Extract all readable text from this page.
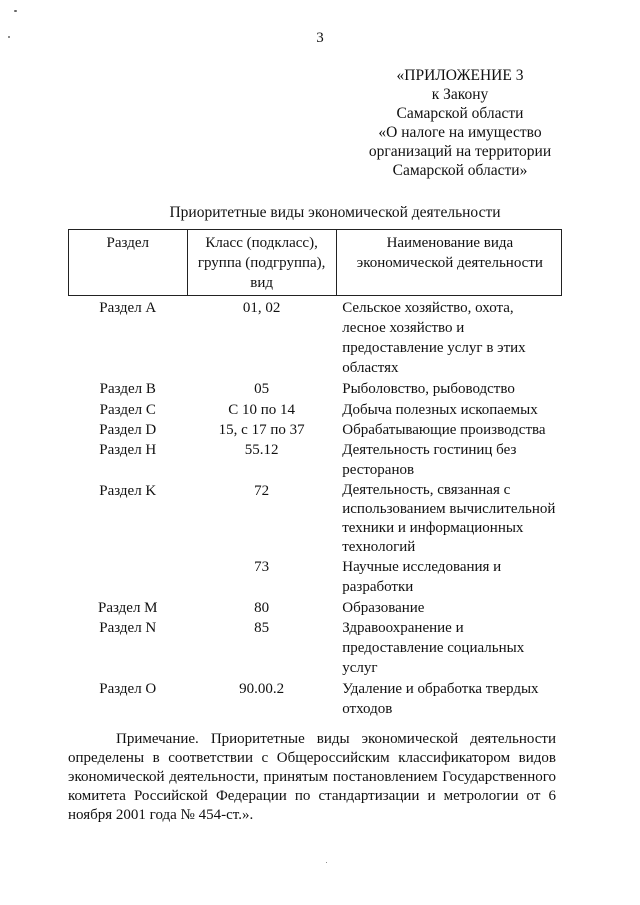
3
«ПРИЛОЖЕНИЕ 3
к Закону
Самарской области
«О налоге на имущество
организаций на территории
Самарской области»
Приоритетные виды экономической деятельности
Раздел	Класс (подкласс), группа (подгруппа), вид	Наименование вида экономической деятельности
Раздел A	01, 02	Сельское хозяйство, охота, лесное хозяйство и предоставление услуг в этих областях
Раздел B	05	Рыболовство, рыбоводство
Раздел C	С 10 по 14	Добыча полезных ископаемых
Раздел D	15, с 17 по 37	Обрабатывающие производства
Раздел H	55.12	Деятельность гостиниц без ресторанов
Раздел K	72	Деятельность, связанная с использованием вычислительной техники и информационных технологий
	73	Научные исследования и разработки
Раздел M	80	Образование
Раздел N	85	Здравоохранение и предоставление социальных услуг
Раздел O	90.00.2	Удаление и обработка твердых отходов
Примечание. Приоритетные виды экономической деятельности определены в соответствии с Общероссийским классификатором видов экономической деятельности, принятым постановлением Государственного комитета Российской Федерации по стандартизации и метрологии от 6 ноября 2001 года № 454-ст.».
